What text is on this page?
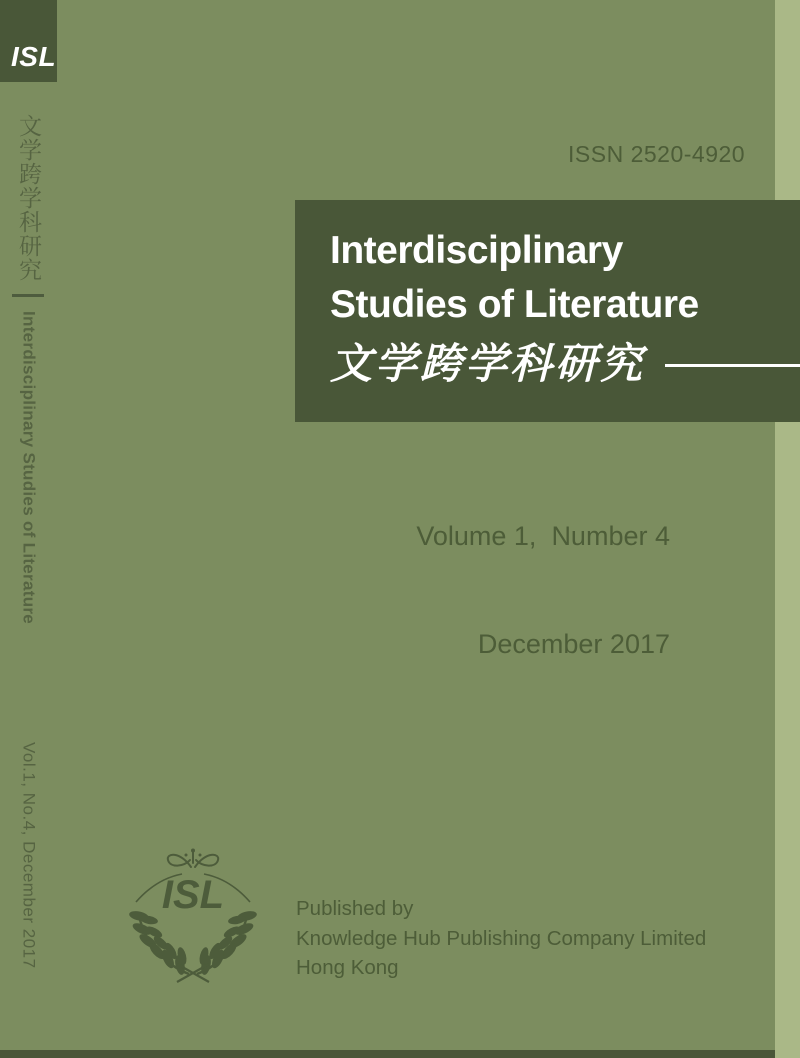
ISL
文学跨学科研究
Interdisciplinary Studies of Literature
Vol.1, No.4, December 2017
ISSN 2520-4920
Interdisciplinary
Studies of Literature
文学跨学科研究

Volume 1,  Number 4

December 2017

ISL	Published by
Knowledge Hub Publishing Company Limited
Hong Kong
